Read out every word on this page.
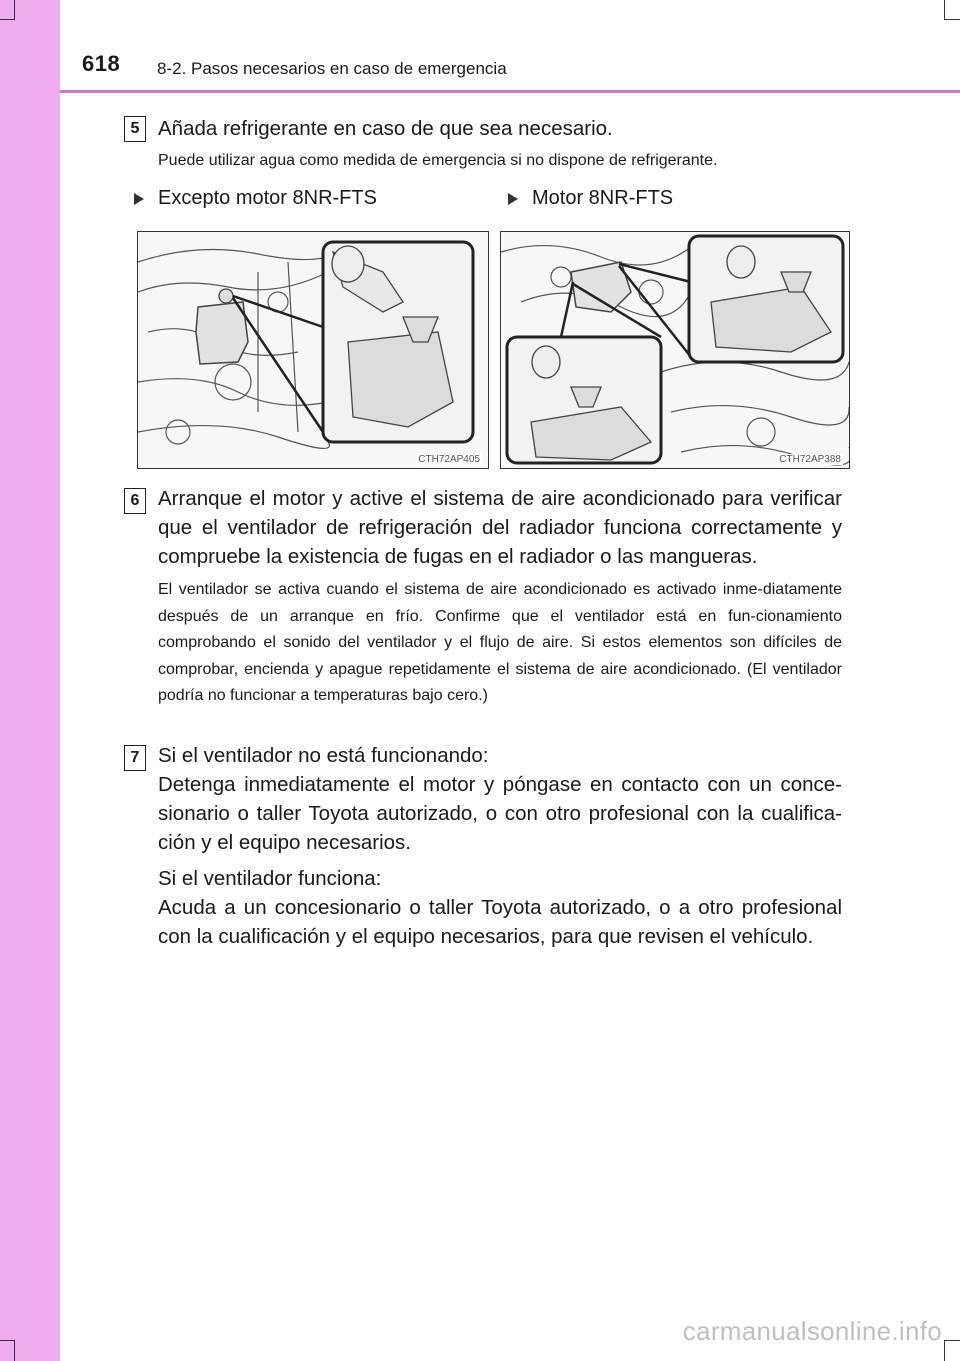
618 8-2. Pasos necesarios en caso de emergencia
5 Añada refrigerante en caso de que sea necesario.
Puede utilizar agua como medida de emergencia si no dispone de refrigerante.
Excepto motor 8NR-FTS	Motor 8NR-FTS
CTH72AP405	CTH72AP388
6 Arranque el motor y active el sistema de aire acondicionado para verificar que el ventilador de refrigeración del radiador funciona correctamente y compruebe la existencia de fugas en el radiador o las mangueras.
El ventilador se activa cuando el sistema de aire acondicionado es activado inme-diatamente después de un arranque en frío. Confirme que el ventilador está en fun-cionamiento comprobando el sonido del ventilador y el flujo de aire. Si estos elementos son difíciles de comprobar, encienda y apague repetidamente el sistema de aire acondicionado. (El ventilador podría no funcionar a temperaturas bajo cero.)
7 Si el ventilador no está funcionando:
Detenga inmediatamente el motor y póngase en contacto con un conce-sionario o taller Toyota autorizado, o con otro profesional con la cualifica-ción y el equipo necesarios.
Si el ventilador funciona:
Acuda a un concesionario o taller Toyota autorizado, o a otro profesional con la cualificación y el equipo necesarios, para que revisen el vehículo.
carmanualsonline.info
